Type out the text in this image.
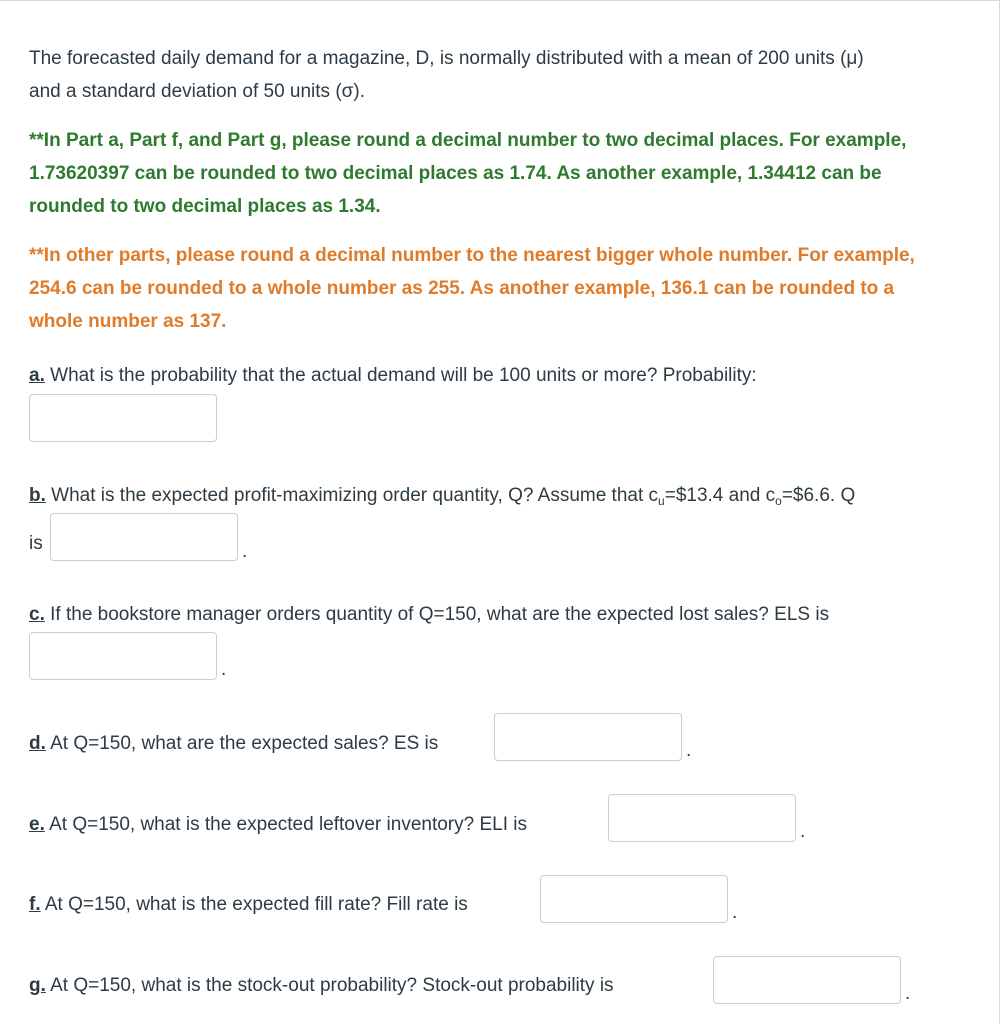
The forecasted daily demand for a magazine, D, is normally distributed with a mean of 200 units (μ)

and a standard deviation of 50 units (σ).

**In Part a, Part f, and Part g, please round a decimal number to two decimal places. For example,

1.73620397 can be rounded to two decimal places as 1.74. As another example, 1.34412 can be

rounded to two decimal places as 1.34.

**In other parts, please round a decimal number to the nearest bigger whole number. For example,

254.6 can be rounded to a whole number as 255. As another example, 136.1 can be rounded to a

whole number as 137.

a. What is the probability that the actual demand will be 100 units or more? Probability:

b. What is the expected profit-maximizing order quantity, Q? Assume that $c_u=\$13.4$ and $c_o=\$6.6$. Q

is	.

c. If the bookstore manager orders quantity of Q=150, what are the expected lost sales? ELS is

.

d. At Q=150, what are the expected sales? ES is	.

e. At Q=150, what is the expected leftover inventory? ELI is	.

f. At Q=150, what is the expected fill rate? Fill rate is	.

g. At Q=150, what is the stock-out probability? Stock-out probability is	.
